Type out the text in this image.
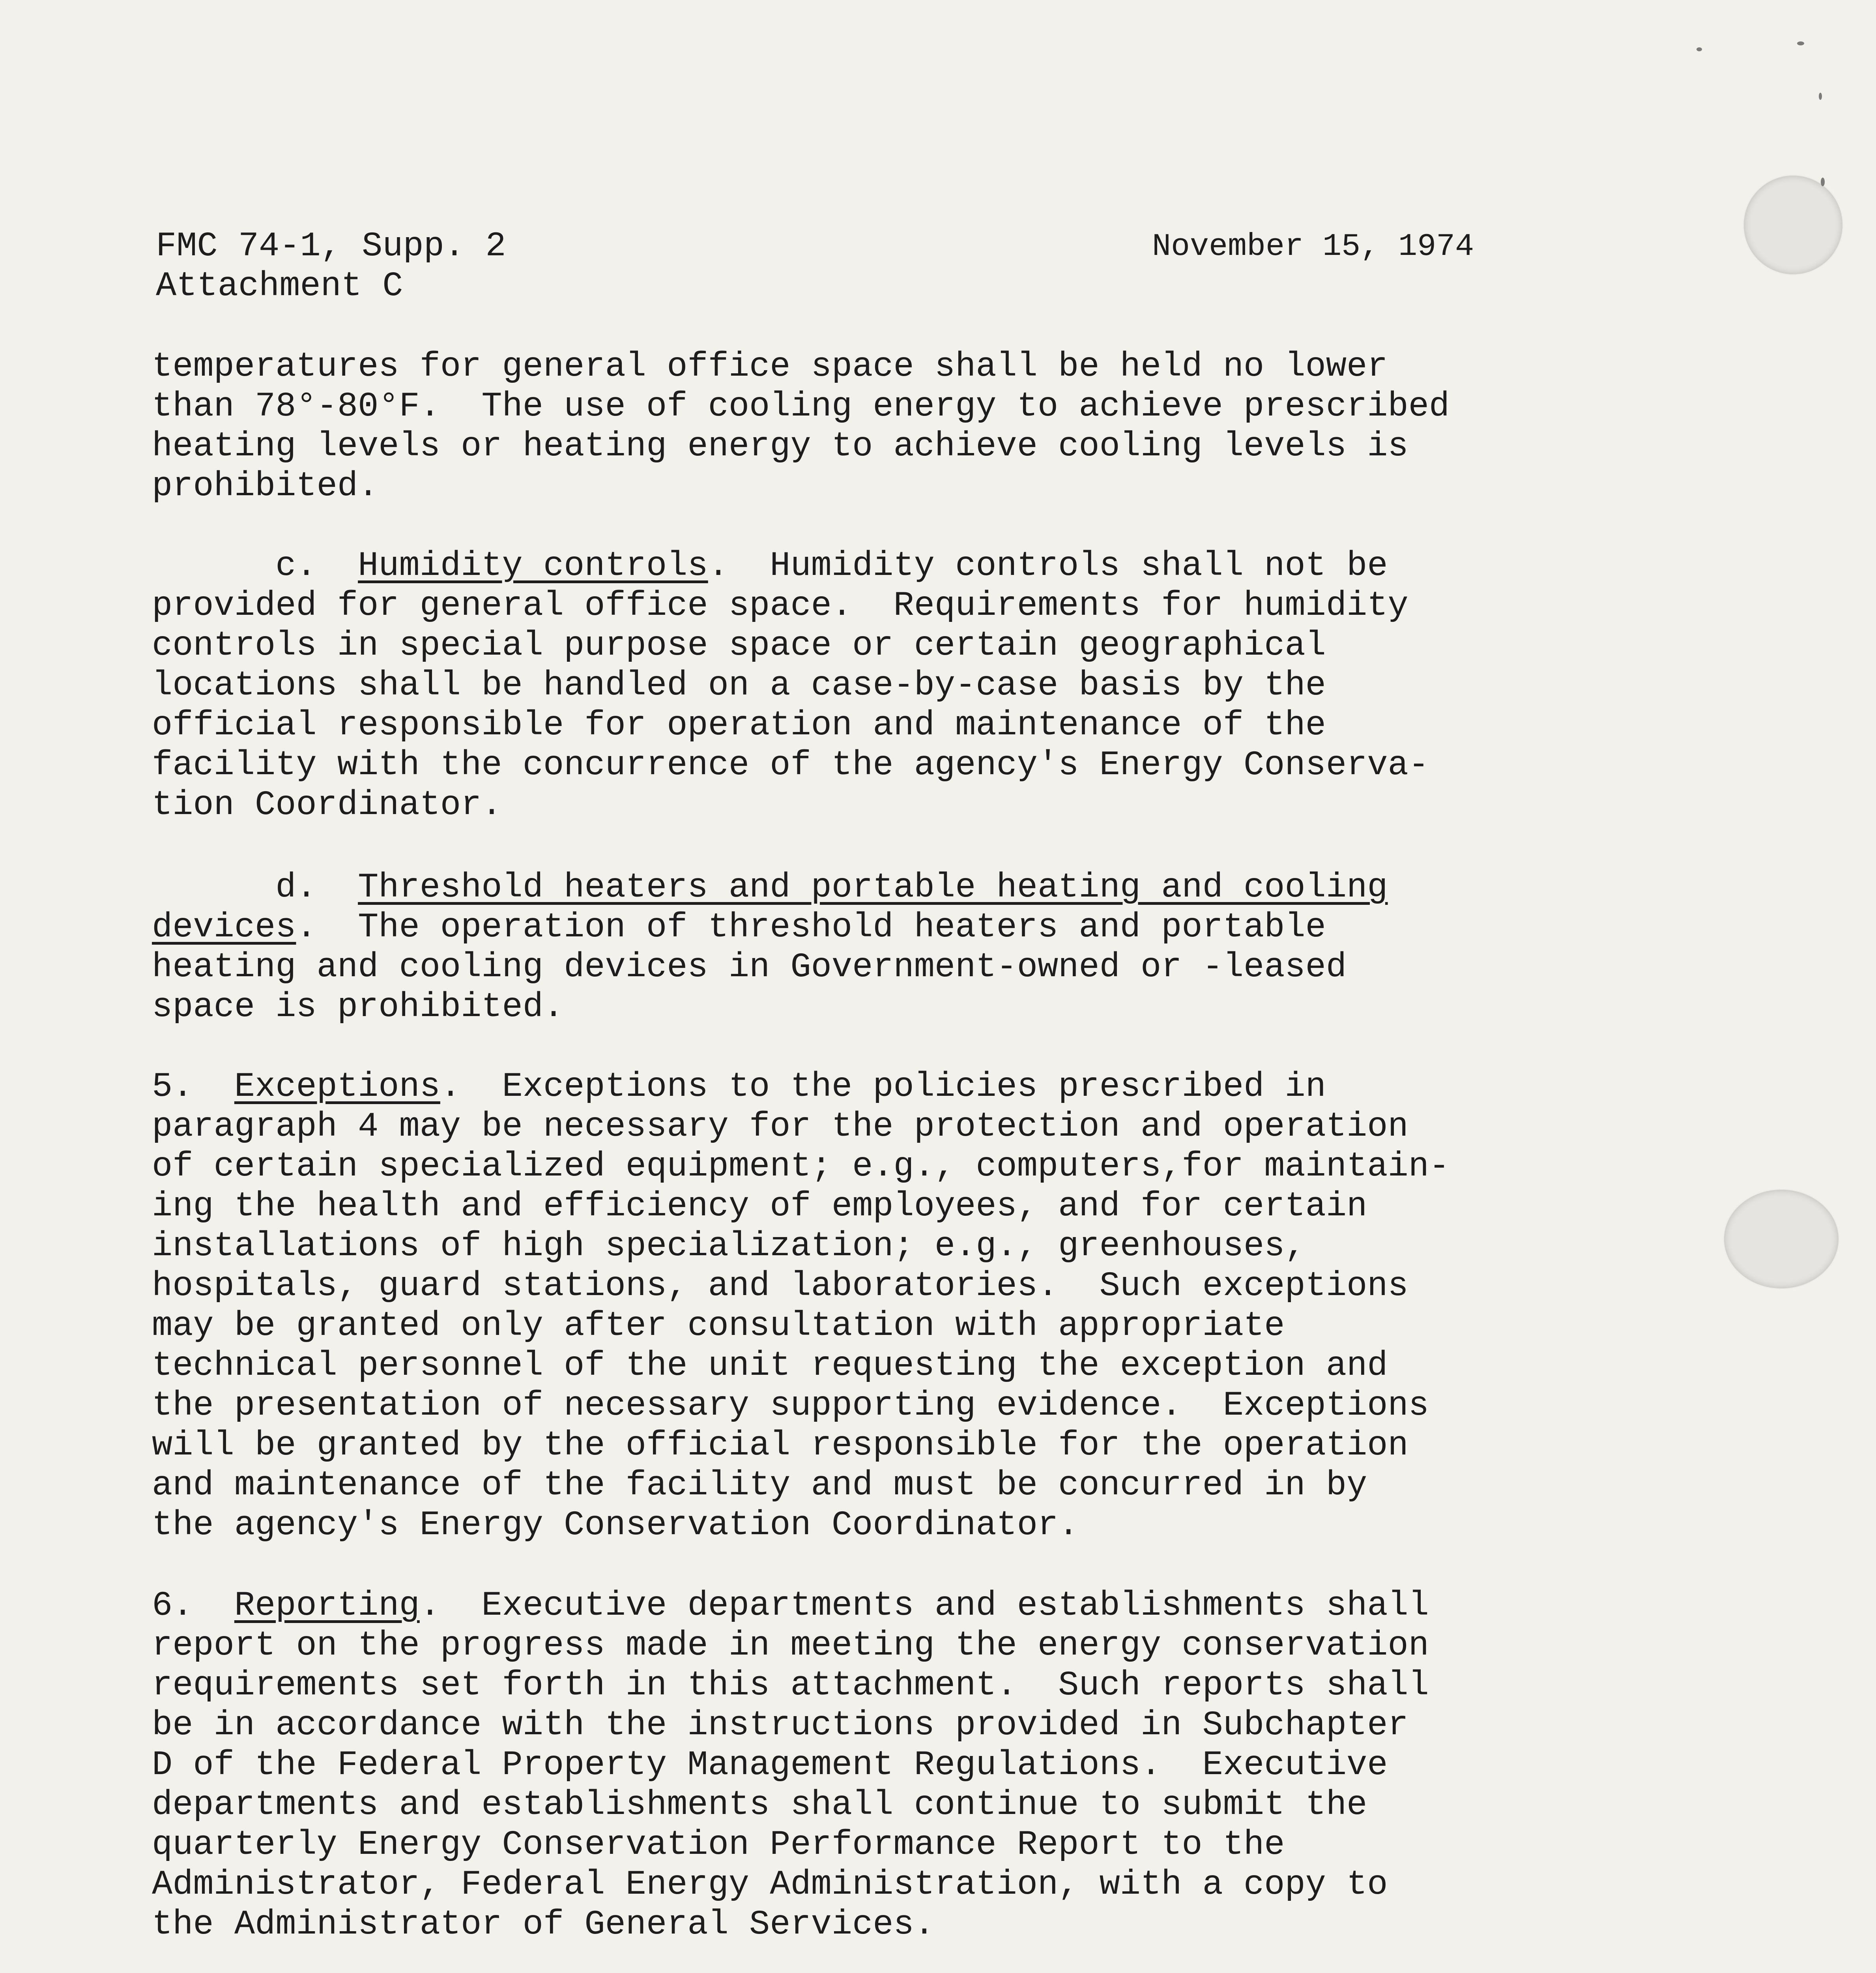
FMC 74-1, Supp. 2
Attachment C
November 15, 1974
temperatures for general office space shall be held no lower
than 78°-80°F.  The use of cooling energy to achieve prescribed
heating levels or heating energy to achieve cooling levels is
prohibited.
c.  Humidity controls.  Humidity controls shall not be
provided for general office space.  Requirements for humidity
controls in special purpose space or certain geographical
locations shall be handled on a case-by-case basis by the
official responsible for operation and maintenance of the
facility with the concurrence of the agency's Energy Conserva-
tion Coordinator.
d.  Threshold heaters and portable heating and cooling
devices.  The operation of threshold heaters and portable
heating and cooling devices in Government-owned or -leased
space is prohibited.
5.  Exceptions.  Exceptions to the policies prescribed in
paragraph 4 may be necessary for the protection and operation
of certain specialized equipment; e.g., computers,for maintain-
ing the health and efficiency of employees, and for certain
installations of high specialization; e.g., greenhouses,
hospitals, guard stations, and laboratories.  Such exceptions
may be granted only after consultation with appropriate
technical personnel of the unit requesting the exception and
the presentation of necessary supporting evidence.  Exceptions
will be granted by the official responsible for the operation
and maintenance of the facility and must be concurred in by
the agency's Energy Conservation Coordinator.
6.  Reporting.  Executive departments and establishments shall
report on the progress made in meeting the energy conservation
requirements set forth in this attachment.  Such reports shall
be in accordance with the instructions provided in Subchapter
D of the Federal Property Management Regulations.  Executive
departments and establishments shall continue to submit the
quarterly Energy Conservation Performance Report to the
Administrator, Federal Energy Administration, with a copy to
the Administrator of General Services.
